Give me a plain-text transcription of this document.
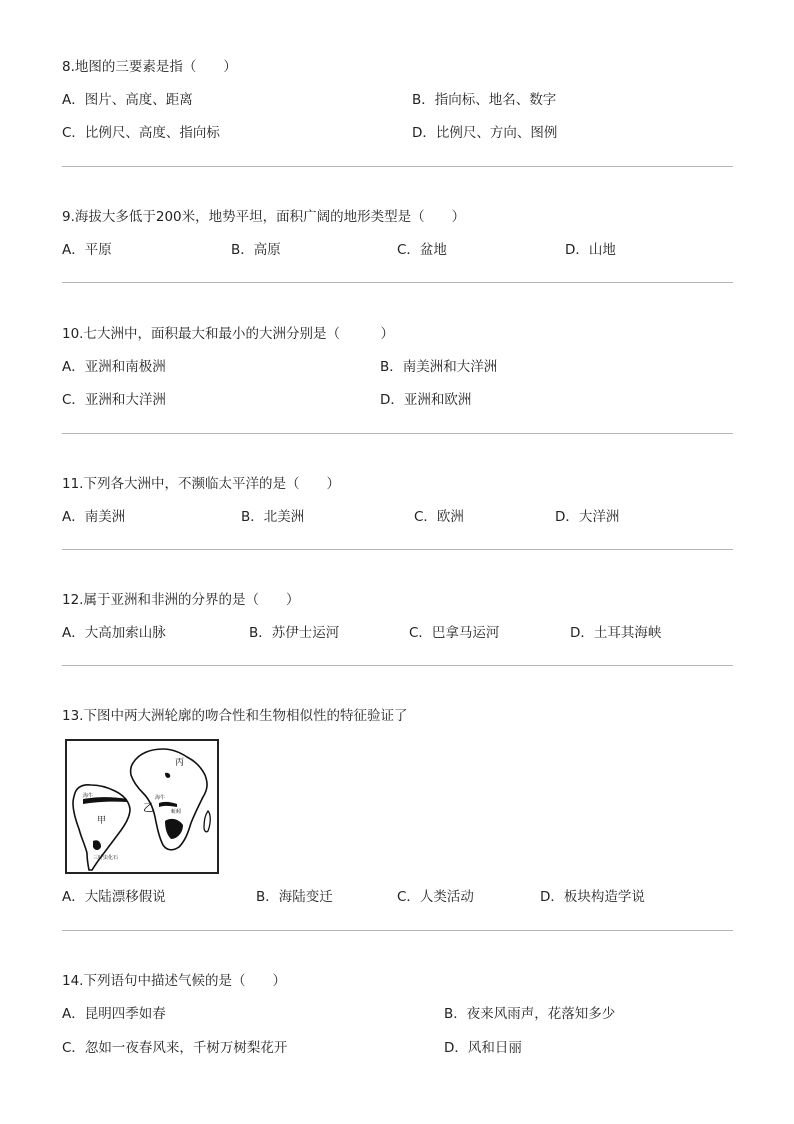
8.地图的三要素是指（　　）
A．图片、高度、距离	B．指向标、地名、数字
C．比例尺、高度、指向标	D．比例尺、方向、图例
9.海拔大多低于200米，地势平坦，面积广阔的地形类型是（　　）
A．平原	B．高原	C．盆地	D．山地
10.七大洲中，面积最大和最小的大洲分别是（　　　）
A．亚洲和南极洲	B．南美洲和大洋洲
C．亚洲和大洋洲	D．亚洲和欧洲
11.下列各大洲中，不濒临太平洋的是（　　）
A．南美洲	B．北美洲	C．欧洲	D．大洋洲
12.属于亚洲和非洲的分界的是（　　）
A．大高加索山脉	B．苏伊士运河	C．巴拿马运河	D．土耳其海峡
13.下图中两大洲轮廓的吻合性和生物相似性的特征验证了
甲
乙
丙
海牛	海牛
蚯蚓
三叶虫化石
A．大陆漂移假说	B．海陆变迁	C．人类活动	D．板块构造学说
14.下列语句中描述气候的是（　　）
A．昆明四季如春	B．夜来风雨声，花落知多少
C．忽如一夜春风来，千树万树梨花开	D．风和日丽
